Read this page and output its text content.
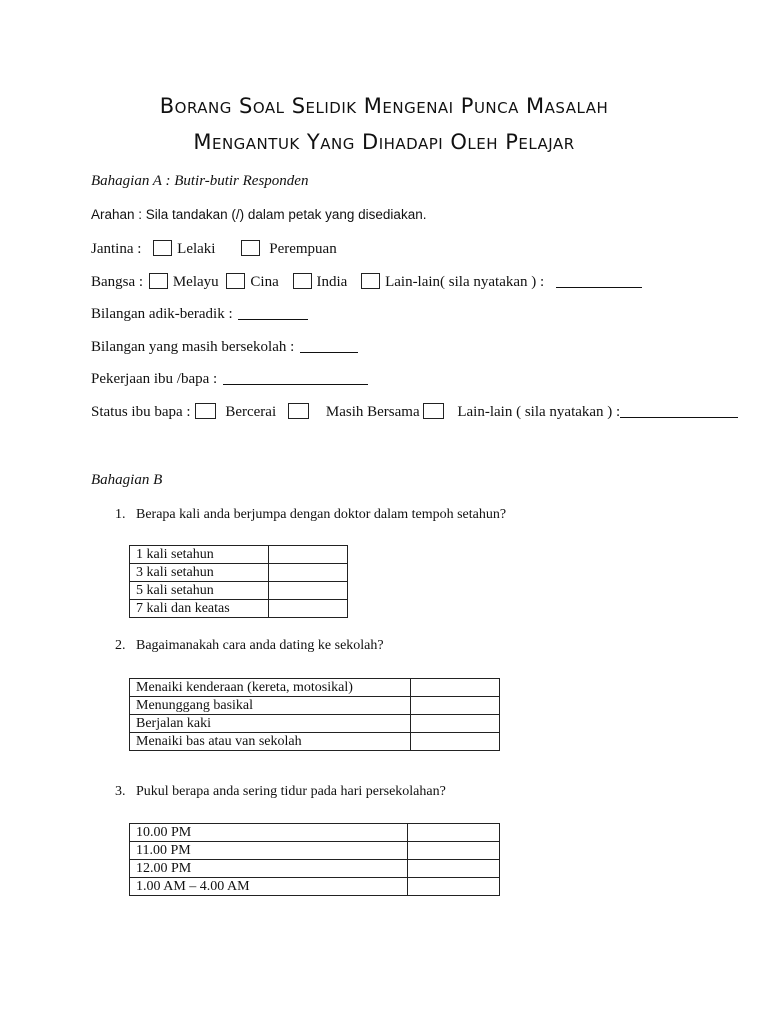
Borang Soal Selidik Mengenai Punca Masalah
Mengantuk Yang Dihadapi Oleh Pelajar
Bahagian A : Butir-butir Responden
Arahan : Sila tandakan (/) dalam petak yang disediakan.
Jantina : Lelaki	Perempuan
Bangsa : Melayu Cina	India	Lain-lain( sila nyatakan ) :
Bilangan adik-beradik :
Bilangan yang masih bersekolah :
Pekerjaan ibu /bapa :
Status ibu bapa : Bercerai	Masih Bersama	Lain-lain ( sila nyatakan ) :
Bahagian B
1. Berapa kali anda berjumpa dengan doktor dalam tempoh setahun?
1 kali setahun	
3 kali setahun	
5 kali setahun	
7 kali dan keatas	
2. Bagaimanakah cara anda dating ke sekolah?
Menaiki kenderaan (kereta, motosikal)	
Menunggang basikal	
Berjalan kaki	
Menaiki bas atau van sekolah	
3. Pukul berapa anda sering tidur pada hari persekolahan?
10.00 PM	
11.00 PM	
12.00 PM	
1.00 AM – 4.00 AM	
